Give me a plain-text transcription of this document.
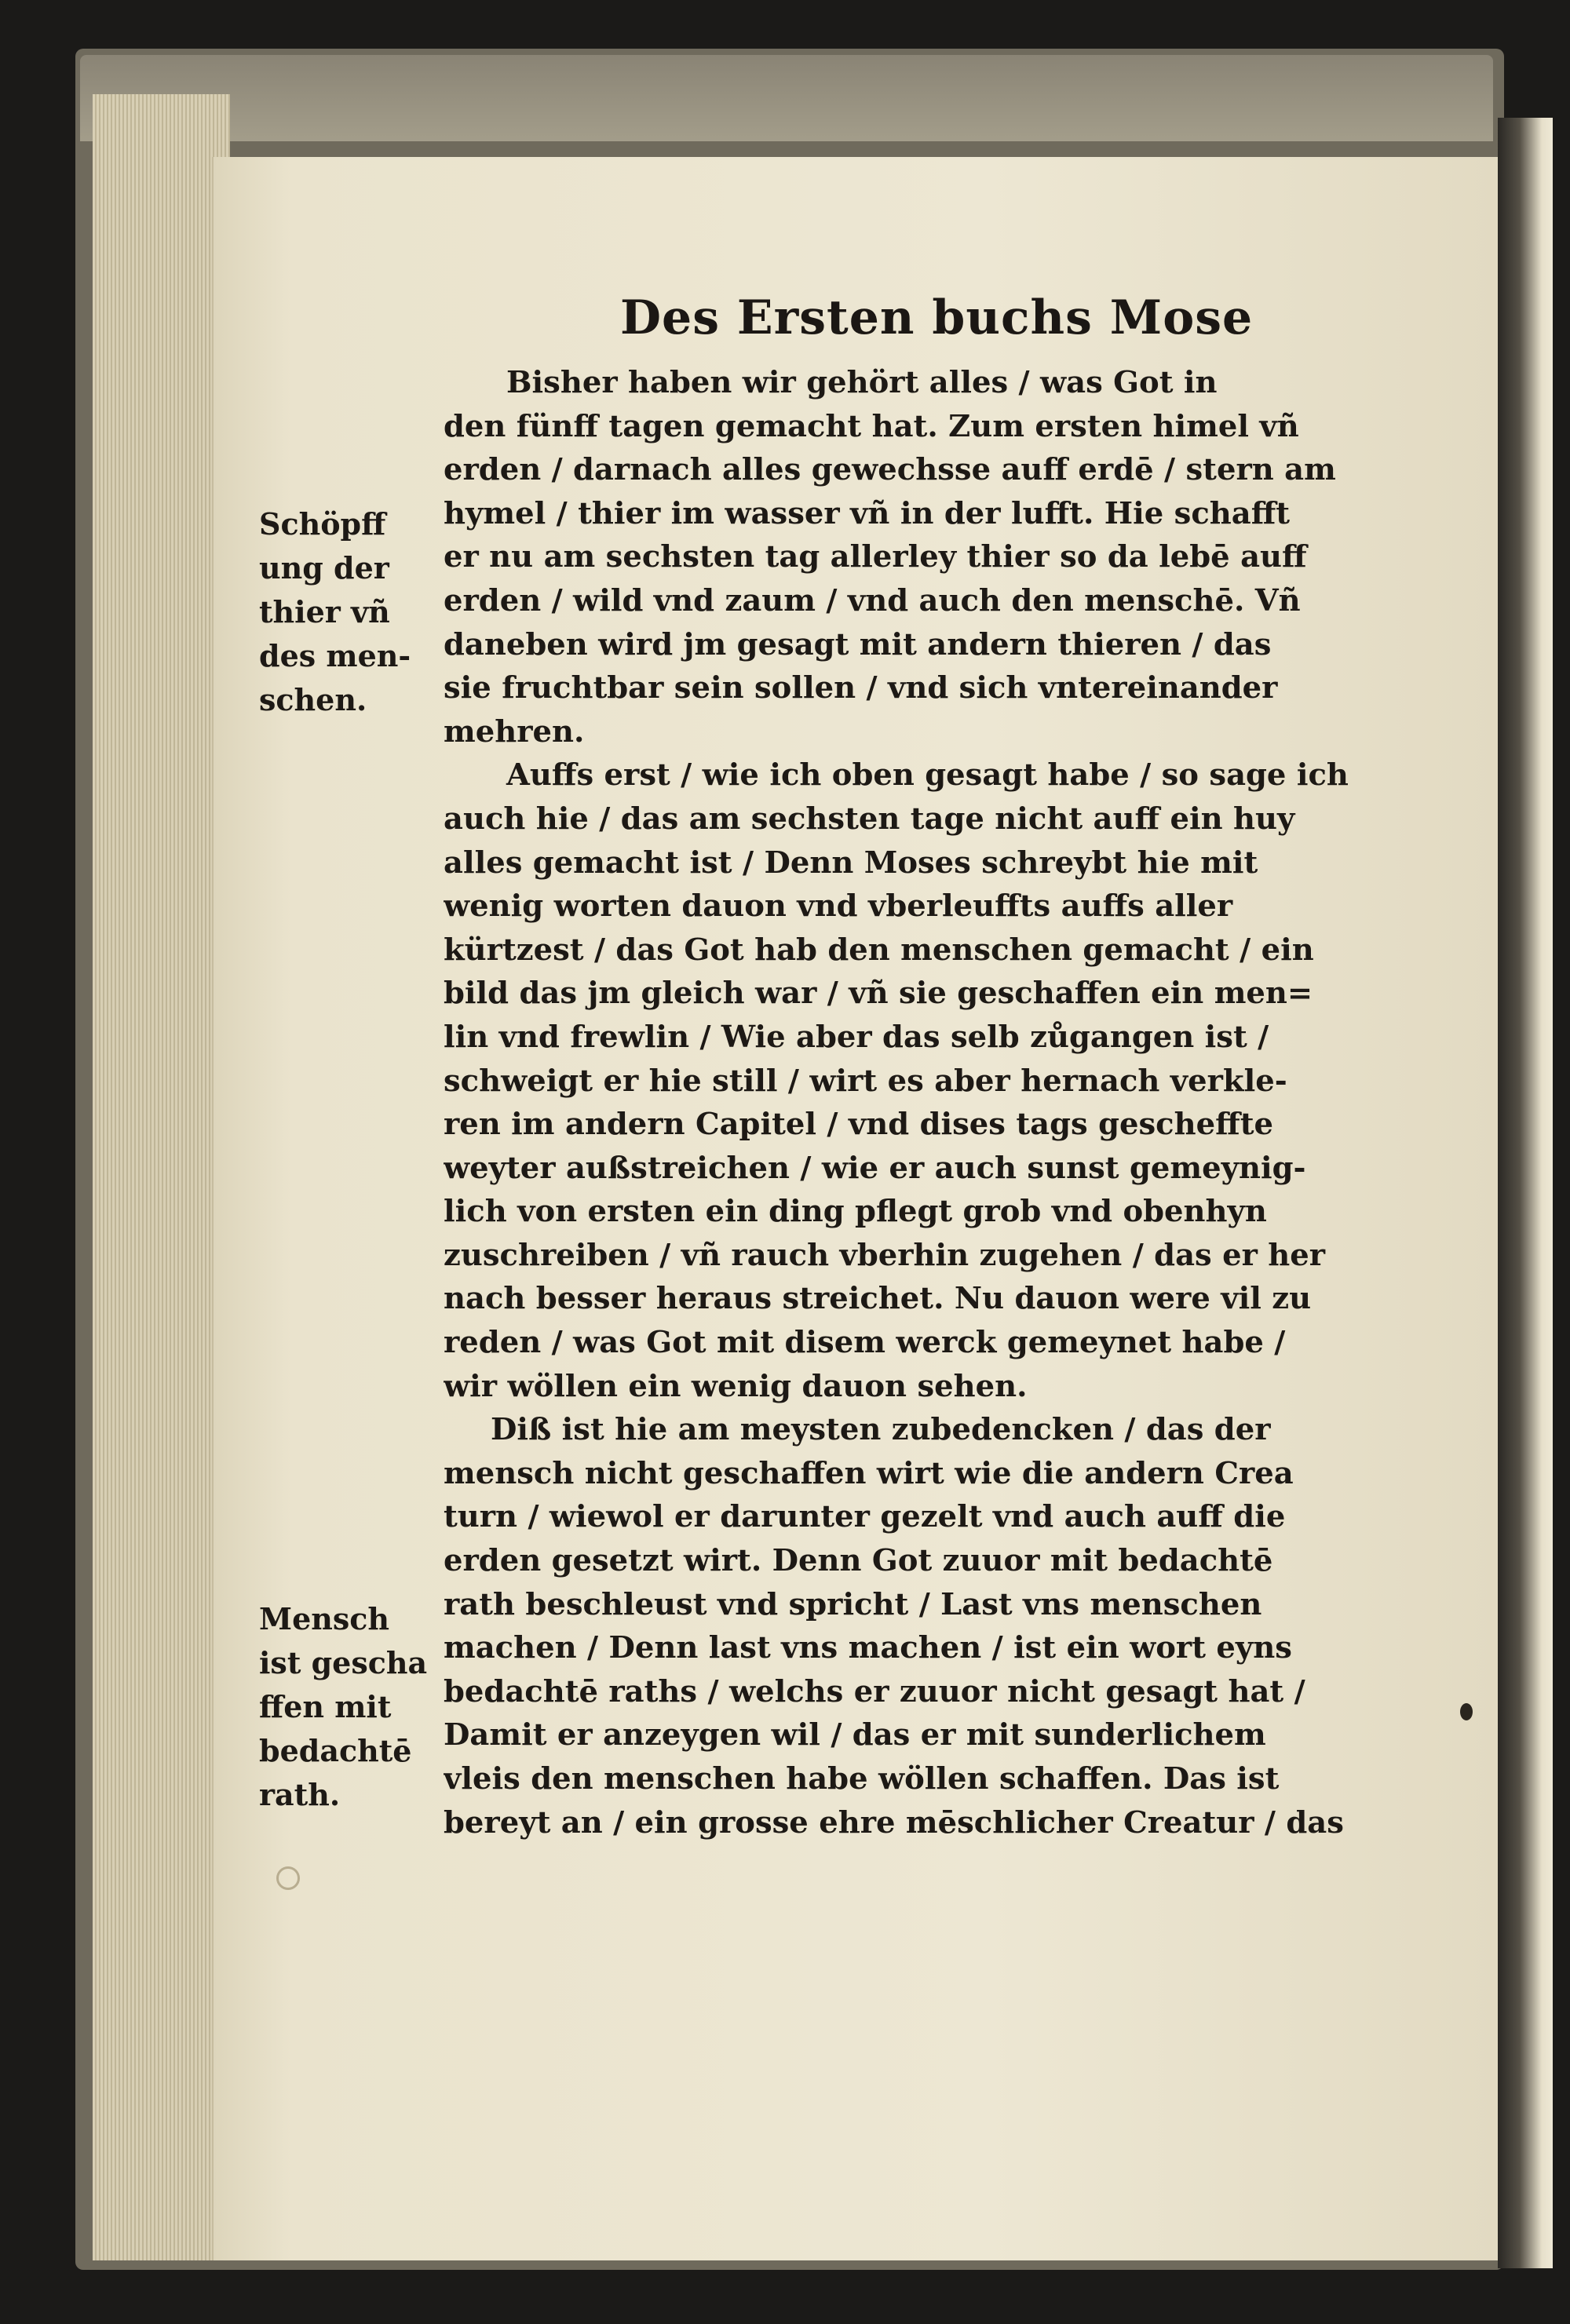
Des Ersten buchs Mose
Schöpff
ung der
thier vñ
des men-
schen.
Mensch
ist gescha
ffen mit
bedachtē
rath.
Bisher haben wir gehört alles / was Got in
den fünff tagen gemacht hat. Zum ersten himel vñ
erden / darnach alles gewechsse auff erdē / stern am
hymel / thier im wasser vñ in der lufft. Hie schafft
er nu am sechsten tag allerley thier so da lebē auff
erden / wild vnd zaum / vnd auch den menschē. Vñ
daneben wird jm gesagt mit andern thieren / das
sie fruchtbar sein sollen / vnd sich vntereinander
mehren.
Auffs erst / wie ich oben gesagt habe / so sage ich
auch hie / das am sechsten tage nicht auff ein huy
alles gemacht ist / Denn Moses schreybt hie mit
wenig worten dauon vnd vberleuffts auffs aller
kürtzest / das Got hab den menschen gemacht / ein
bild das jm gleich war / vñ sie geschaffen ein men=
lin vnd frewlin / Wie aber das selb zůgangen ist /
schweigt er hie still / wirt es aber hernach verkle-
ren im andern Capitel / vnd dises tags gescheffte
weyter außstreichen / wie er auch sunst gemeynig-
lich von ersten ein ding pflegt grob vnd obenhyn
zuschreiben / vñ rauch vberhin zugehen / das er her
nach besser heraus streichet. Nu dauon were vil zu
reden / was Got mit disem werck gemeynet habe /
wir wöllen ein wenig dauon sehen.
Diß ist hie am meysten zubedencken / das der
mensch nicht geschaffen wirt wie die andern Crea
turn / wiewol er darunter gezelt vnd auch auff die
erden gesetzt wirt. Denn Got zuuor mit bedachtē
rath beschleust vnd spricht / Last vns menschen
machen / Denn last vns machen / ist ein wort eyns
bedachtē raths / welchs er zuuor nicht gesagt hat /
Damit er anzeygen wil / das er mit sunderlichem
vleis den menschen habe wöllen schaffen. Das ist
bereyt an / ein grosse ehre mēschlicher Creatur / das
